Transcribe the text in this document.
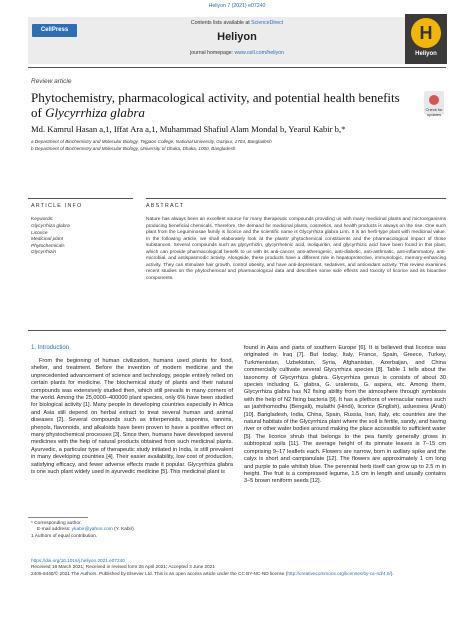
Heliyon 7 (2021) e07240
CellPress
Contents lists available at ScienceDirect
Heliyon
journal homepage: www.cell.com/heliyon
H
Heliyon
Review article
Check for updates
Phytochemistry, pharmacological activity, and potential health benefits of Glycyrrhiza glabra
Md. Kamrul Hasan a,1, Iffat Ara a,1, Muhammad Shafiul Alam Mondal b, Yearul Kabir b,*
a Department of Biochemistry and Molecular Biology, Tejgaon College, National University, Gazipur, 1704, Bangladesh
b Department of Biochemistry and Molecular Biology, University of Dhaka, Dhaka, 1000, Bangladesh
ARTICLE INFO	ABSTRACT
Keywords:
Glycyrrhiza glabra
Licorice
Medicinal plant
Phytochemicals
Glycyrrhizin
Nature has always been an excellent source for many therapeutic compounds providing us with many medicinal plants and microorganisms producing beneficial chemicals. Therefore, the demand for medicinal plants, cosmetics, and health products is always on the rise. One such plant from the Leguminosae family is licorice and the scientific name is Glycyrrhiza glabra Linn. It is an herb-type plant with medicinal value. In the following article, we shall elaborately look at the plants' phytochemical constituents and the pharmacological impact of those substances. Several compounds such as glycyrrhizin, glycyrrhetinic acid, isoliquiritin, and glycyrrhizic acid have been found in this plant, which can provide pharmacological benefit to us with its anti-cancer, anti-atherogenic, anti-diabetic, anti-asthmatic, anti-inflammatory, anti-microbial, and antispasmodic activity. Alongside, these products have a different role in hepatoprotective, immunologic, memory-enhancing activity. They can stimulate hair growth, control obesity, and have anti-depressant, sedatives, and antioxidant activity. This review examines recent studies on the phytochemical and pharmacological data and describes some side effects and toxicity of licorice and its bioactive components.
1. Introduction
From the beginning of human civilization, humans used plants for food, shelter, and treatment. Before the invention of modern medicine and the unprecedented advancement of science and technology, people entirely relied on certain plants for medicine. The biochemical study of plants and their natural compounds was extensively studied then, which still prevails in many corners of the world. Among the 25,0000–400000 plant species, only 6% have been studied for biological activity [1]. Many people in developing countries especially in Africa and Asia still depend on herbal extract to treat several human and animal diseases [2]. Several compounds such as triterpenoids, saponins, tannins, phenols, flavonoids, and alkaloids have been proven to have a positive effect on many physiochemical processes [3]. Since then, humans have developed several medicines with the help of natural products obtained from such medicinal plants. Ayurvedic, a particular type of therapeutic study initiated in India, is still prevalent in many developing countries [4]. Their easier availability, low cost of production, satisfying efficacy, and fewer adverse effects made it popular. Glycyrrhiza glabra is one such plant widely used in ayurvedic medicine [5]. This medicinal plant is
found in Asia and parts of southern Europe [6]. It is believed that licorice was originated in Iraq [7]. But today, Italy, France, Spain, Greece, Turkey, Turkmenistan, Uzbekistan, Syria, Afghanistan, Azerbaijan, and China commercially cultivate several Glycyrrhiza species [8]. Table 1 tells about the taxonomy of Glycyrrhiza glabra. Glycyrrhiza genus is consists of about 30 species including G. glabra, G. uralensis, G. aspera, etc. Among them, Glycyrrhiza glabra has N2 fixing ability from the atmosphere through symbiosis with the help of N2 fixing bacteria [9]. It has a plethora of vernacular names such as jashthomodhu (Bengali), mulaithi (Hindi), licorice (English), asluessea (Arab) [10]. Bangladesh, India, China, Spain, Russia, Iran, Italy, etc countries are the natural habitats of the Glycyrrhiza plant where the soil is fertile, sandy, and having river or other water bodies around making the place accessible to sufficient water [5]. The licorice shrub that belongs to the pea family generally grows in subtropical soils [11]. The average height of its pinnate leaves is 7–15 cm comprising 9–17 leaflets each. Flowers are narrow, born in axillary spike and the calyx is short and campanulate [12]. The flowers are approximately 1 cm long and purple to pale whitish blue. The perennial herb itself can grow up to 2.5 m in height. The fruit is a compressed legume, 1.5 cm in length and usually contains 3–5 brown reniform seeds [12].
* Corresponding author.
E-mail address: ykabir@yahoo.com (Y. Kabir).
1 Authors of equal contribution.
https://doi.org/10.1016/j.heliyon.2021.e07240
Received 18 March 2021; Received in revised form 26 April 2021; Accepted 3 June 2021
2405-8440/© 2021 The Authors. Published by Elsevier Ltd. This is an open access article under the CC BY-NC-ND license (http://creativecommons.org/licenses/by-nc-nd/4.0/).
